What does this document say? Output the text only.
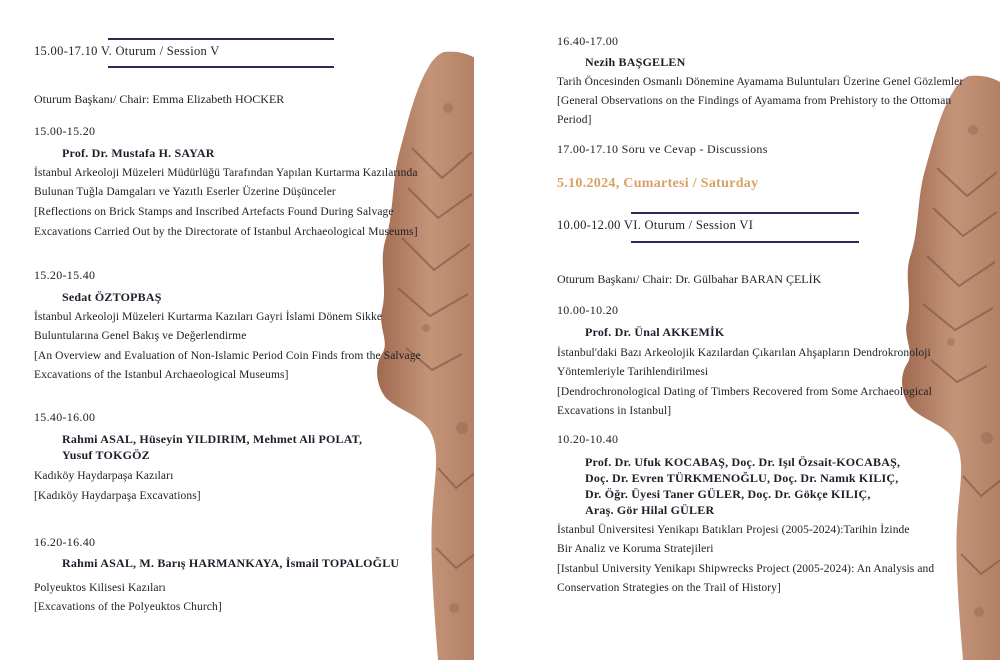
15.00-17.10 V. Oturum / Session V
Oturum Başkanı/ Chair: Emma Elizabeth HOCKER
15.00-15.20
Prof. Dr. Mustafa H. SAYAR
İstanbul Arkeoloji Müzeleri Müdürlüğü Tarafından Yapılan Kurtarma Kazılarında
Bulunan Tuğla Damgaları ve Yazıtlı Eserler Üzerine Düşünceler
[Reflections on Brick Stamps and Inscribed Artefacts Found During Salvage
Excavations Carried Out by the Directorate of Istanbul Archaeological Museums]
15.20-15.40
Sedat ÖZTOPBAŞ
İstanbul Arkeoloji Müzeleri Kurtarma Kazıları Gayri İslami Dönem Sikke
Buluntularına Genel Bakış ve Değerlendirme
[An Overview and Evaluation of Non-Islamic Period Coin Finds from the Salvage
Excavations of the Istanbul Archaeological Museums]
15.40-16.00
Rahmi ASAL, Hüseyin YILDIRIM, Mehmet Ali POLAT,
Yusuf TOKGÖZ
Kadıköy Haydarpaşa Kazıları
[Kadıköy Haydarpaşa Excavations]
16.20-16.40
Rahmi ASAL, M. Barış HARMANKAYA, İsmail TOPALOĞLU
Polyeuktos Kilisesi Kazıları
[Excavations of the Polyeuktos Church]
16.40-17.00
Nezih BAŞGELEN
Tarih Öncesinden Osmanlı Dönemine Ayamama Buluntuları Üzerine Genel Gözlemler
[General Observations on the Findings of Ayamama from Prehistory to the Ottoman
Period]
17.00-17.10 Soru ve Cevap - Discussions
5.10.2024, Cumartesi / Saturday
10.00-12.00 VI. Oturum / Session VI
Oturum Başkanı/ Chair: Dr. Gülbahar BARAN ÇELİK
10.00-10.20
Prof. Dr. Ünal AKKEMİK
İstanbul'daki Bazı Arkeolojik Kazılardan Çıkarılan Ahşapların Dendrokronoloji
Yöntemleriyle Tarihlendirilmesi
[Dendrochronological Dating of Timbers Recovered from Some Archaeological
Excavations in Istanbul]
10.20-10.40
Prof. Dr. Ufuk KOCABAŞ, Doç. Dr. Işıl Özsait-KOCABAŞ,
Doç. Dr. Evren TÜRKMENOĞLU, Doç. Dr. Namık KILIÇ,
Dr. Öğr. Üyesi Taner GÜLER, Doç. Dr. Gökçe KILIÇ,
Araş. Gör Hilal GÜLER
İstanbul Üniversitesi Yenikapı Batıkları Projesi (2005-2024):Tarihin İzinde
Bir Analiz ve Koruma Stratejileri
[Istanbul University Yenikapı Shipwrecks Project (2005-2024): An Analysis and
Conservation Strategies on the Trail of History]
